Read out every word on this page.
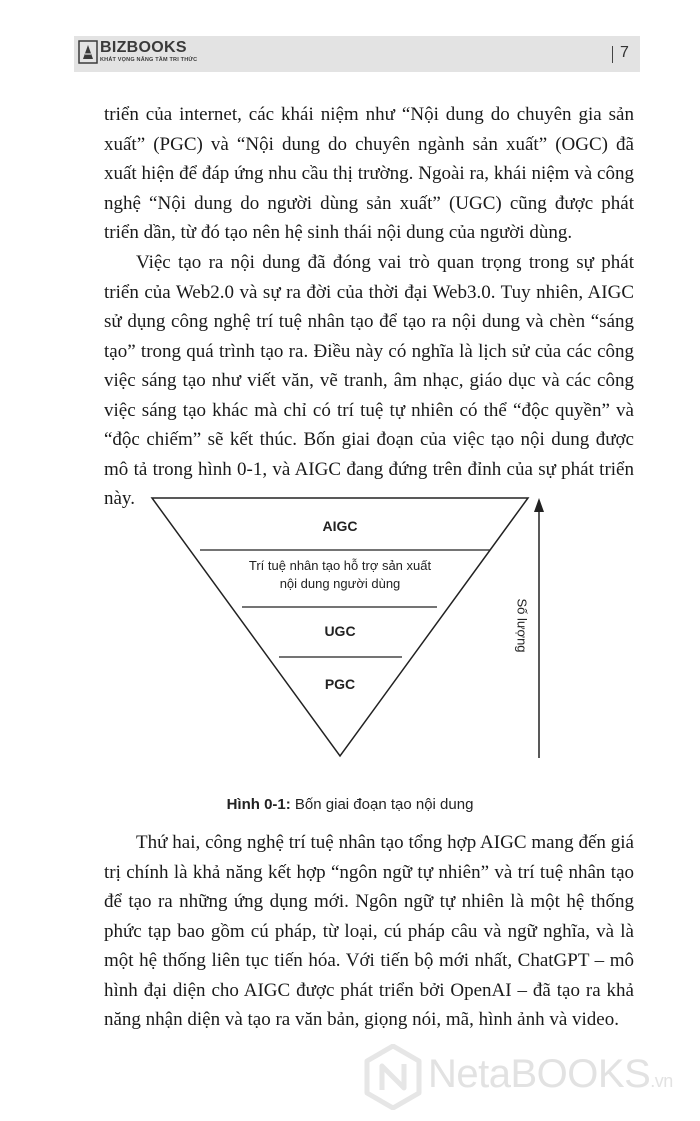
BIZBOOKS
KHÁT VỌNG NÂNG TẦM TRI THỨC	7

triển của internet, các khái niệm như “Nội dung do chuyên gia sản xuất” (PGC) và “Nội dung do chuyên ngành sản xuất” (OGC) đã xuất hiện để đáp ứng nhu cầu thị trường. Ngoài ra, khái niệm và công nghệ “Nội dung do người dùng sản xuất” (UGC) cũng được phát triển dần, từ đó tạo nên hệ sinh thái nội dung của người dùng.

Việc tạo ra nội dung đã đóng vai trò quan trọng trong sự phát triển của Web2.0 và sự ra đời của thời đại Web3.0. Tuy nhiên, AIGC sử dụng công nghệ trí tuệ nhân tạo để tạo ra nội dung và chèn “sáng tạo” trong quá trình tạo ra. Điều này có nghĩa là lịch sử của các công việc sáng tạo như viết văn, vẽ tranh, âm nhạc, giáo dục và các công việc sáng tạo khác mà chỉ có trí tuệ tự nhiên có thể “độc quyền” và “độc chiếm” sẽ kết thúc. Bốn giai đoạn của việc tạo nội dung được mô tả trong hình 0-1, và AIGC đang đứng trên đỉnh của sự phát triển này.

AIGC
Trí tuệ nhân tạo hỗ trợ sản xuất
nội dung người dùng
UGC
PGC
Số lượng
Hình 0-1: Bốn giai đoạn tạo nội dung

Thứ hai, công nghệ trí tuệ nhân tạo tổng hợp AIGC mang đến giá trị chính là khả năng kết hợp “ngôn ngữ tự nhiên” và trí tuệ nhân tạo để tạo ra những ứng dụng mới. Ngôn ngữ tự nhiên là một hệ thống phức tạp bao gồm cú pháp, từ loại, cú pháp câu và ngữ nghĩa, và là một hệ thống liên tục tiến hóa. Với tiến bộ mới nhất, ChatGPT – mô hình đại diện cho AIGC được phát triển bởi OpenAI – đã tạo ra khả năng nhận diện và tạo ra văn bản, giọng nói, mã, hình ảnh và video.

NetaBOOKS.vn
